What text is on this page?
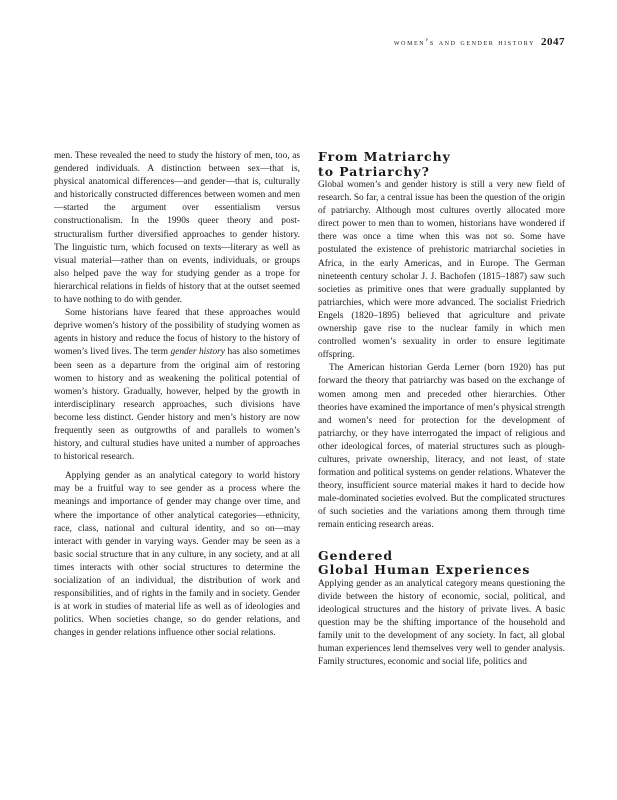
women’s and gender history 2047

men. These revealed the need to study the history of men, too, as gendered individuals. A distinction between sex—that is, physical anatomical differences—and gender—that is, culturally and historically constructed differences between women and men—started the argument over essentialism versus constructionalism. In the 1990s queer theory and post-structuralism further diversified approaches to gender history. The linguistic turn, which focused on texts—literary as well as visual material—rather than on events, individuals, or groups also helped pave the way for studying gender as a trope for hierarchical relations in fields of history that at the outset seemed to have nothing to do with gender.

Some historians have feared that these approaches would deprive women’s history of the possibility of studying women as agents in history and reduce the focus of history to the history of women’s lived lives. The term gender history has also sometimes been seen as a departure from the original aim of restoring women to history and as weakening the political potential of women’s history. Gradually, however, helped by the growth in interdisciplinary research approaches, such divisions have become less distinct. Gender history and men’s history are now frequently seen as outgrowths of and parallels to women’s history, and cultural studies have united a number of approaches to historical research.

Applying gender as an analytical category to world history may be a fruitful way to see gender as a process where the meanings and importance of gender may change over time, and where the importance of other analytical categories—ethnicity, race, class, national and cultural identity, and so on—may interact with gender in varying ways. Gender may be seen as a basic social structure that in any culture, in any society, and at all times interacts with other social structures to determine the socialization of an individual, the distribution of work and responsibilities, and of rights in the family and in society. Gender is at work in studies of material life as well as of ideologies and politics. When societies change, so do gender relations, and changes in gender relations influence other social relations.

From Matriarchy
to Patriarchy?

Global women’s and gender history is still a very new field of research. So far, a central issue has been the question of the origin of patriarchy. Although most cultures overtly allocated more direct power to men than to women, historians have wondered if there was once a time when this was not so. Some have postulated the existence of prehistoric matriarchal societies in Africa, in the early Americas, and in Europe. The German nineteenth century scholar J. J. Bachofen (1815–1887) saw such societies as primitive ones that were gradually supplanted by patriarchies, which were more advanced. The socialist Friedrich Engels (1820–1895) believed that agriculture and private ownership gave rise to the nuclear family in which men controlled women’s sexuality in order to ensure legitimate offspring.

The American historian Gerda Lerner (born 1920) has put forward the theory that patriarchy was based on the exchange of women among men and preceded other hierarchies. Other theories have examined the importance of men’s physical strength and women’s need for protection for the development of patriarchy, or they have interrogated the impact of religious and other ideological forces, of material structures such as plough-cultures, private ownership, literacy, and not least, of state formation and political systems on gender relations. Whatever the theory, insufficient source material makes it hard to decide how male-dominated societies evolved. But the complicated structures of such societies and the variations among them through time remain enticing research areas.

Gendered
Global Human Experiences

Applying gender as an analytical category means questioning the divide between the history of economic, social, political, and ideological structures and the history of private lives. A basic question may be the shifting importance of the household and family unit to the development of any society. In fact, all global human experiences lend themselves very well to gender analysis. Family structures, economic and social life, politics and
